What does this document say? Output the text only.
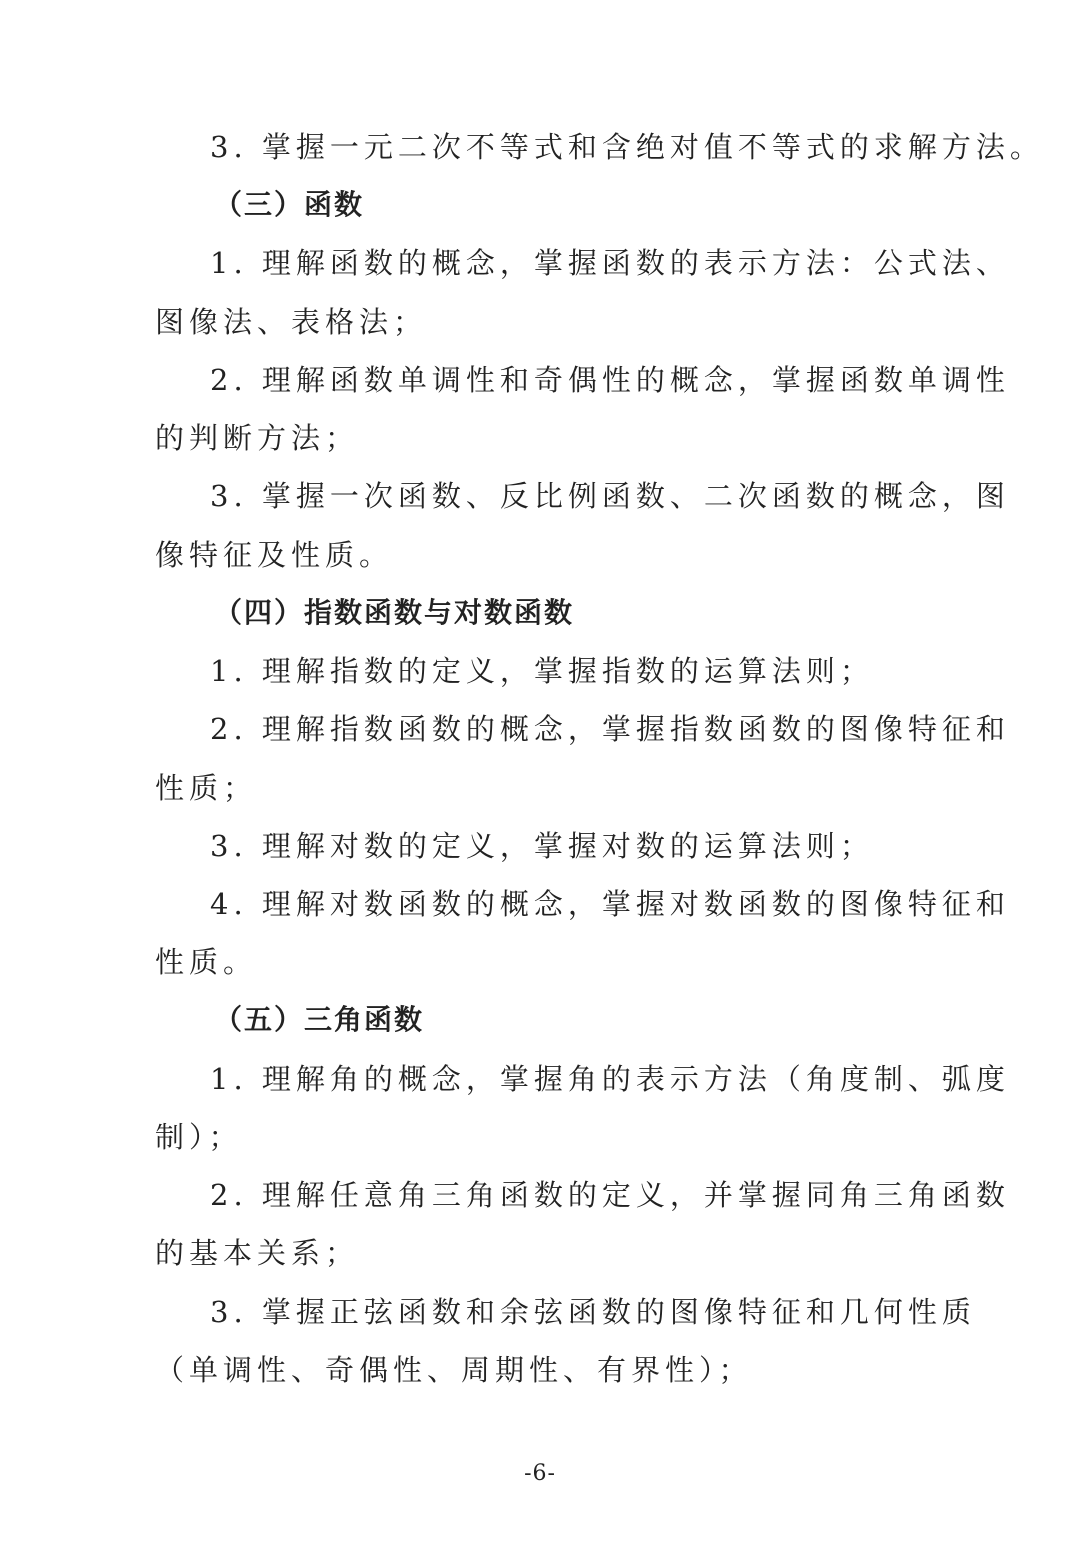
3. 掌握一元二次不等式和含绝对值不等式的求解方法。
（三）函数
1. 理解函数的概念，掌握函数的表示方法：公式法、
图像法、表格法；
2. 理解函数单调性和奇偶性的概念，掌握函数单调性
的判断方法；
3. 掌握一次函数、反比例函数、二次函数的概念，图
像特征及性质。
（四）指数函数与对数函数
1. 理解指数的定义，掌握指数的运算法则；
2. 理解指数函数的概念，掌握指数函数的图像特征和
性质；
3. 理解对数的定义，掌握对数的运算法则；
4. 理解对数函数的概念，掌握对数函数的图像特征和
性质。
（五）三角函数
1. 理解角的概念，掌握角的表示方法（角度制、弧度
制）；
2. 理解任意角三角函数的定义，并掌握同角三角函数
的基本关系；
3. 掌握正弦函数和余弦函数的图像特征和几何性质
（单调性、奇偶性、周期性、有界性）；
-6-
